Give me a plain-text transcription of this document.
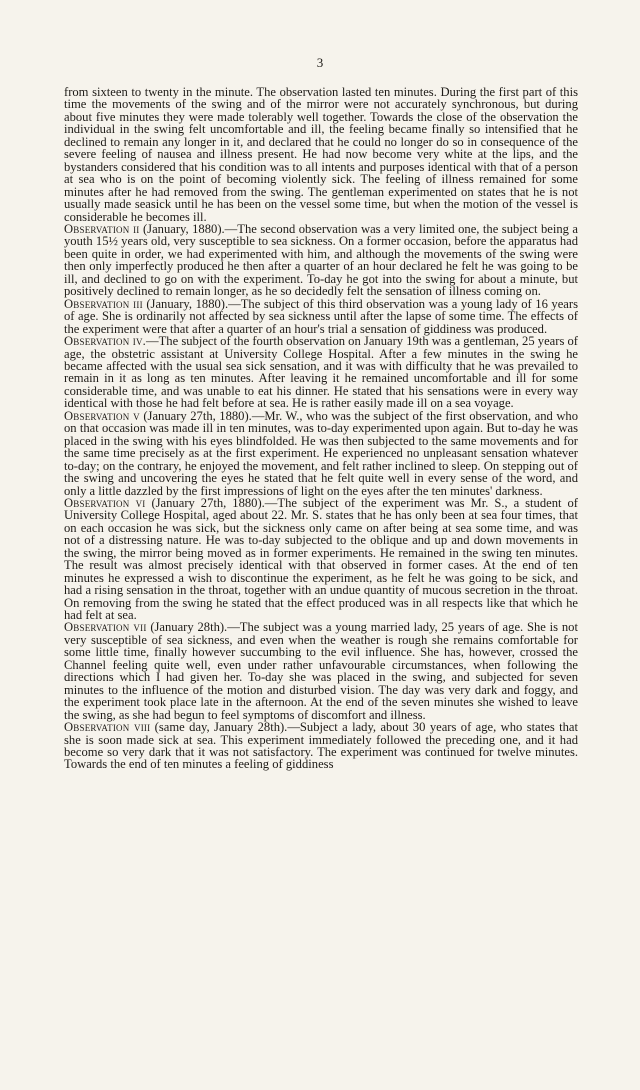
3

from sixteen to twenty in the minute. The observation lasted ten minutes. During the first part of this time the movements of the swing and of the mirror were not accurately synchronous, but during about five minutes they were made tolerably well together. Towards the close of the observation the individual in the swing felt uncomfortable and ill, the feeling became finally so intensified that he declined to remain any longer in it, and declared that he could no longer do so in consequence of the severe feeling of nausea and illness present. He had now become very white at the lips, and the bystanders considered that his condition was to all intents and purposes identical with that of a person at sea who is on the point of becoming violently sick. The feeling of illness remained for some minutes after he had removed from the swing. The gentleman experimented on states that he is not usually made seasick until he has been on the vessel some time, but when the motion of the vessel is considerable he becomes ill.

Observation ii (January, 1880).—The second observation was a very limited one, the subject being a youth 15½ years old, very susceptible to sea sickness. On a former occasion, before the apparatus had been quite in order, we had experimented with him, and although the movements of the swing were then only imperfectly produced he then after a quarter of an hour declared he felt he was going to be ill, and declined to go on with the experiment. To-day he got into the swing for about a minute, but positively declined to remain longer, as he so decidedly felt the sensation of illness coming on.

Observation iii (January, 1880).—The subject of this third observation was a young lady of 16 years of age. She is ordinarily not affected by sea sickness until after the lapse of some time. The effects of the experiment were that after a quarter of an hour's trial a sensation of giddiness was produced.

Observation iv.—The subject of the fourth observation on January 19th was a gentleman, 25 years of age, the obstetric assistant at University College Hospital. After a few minutes in the swing he became affected with the usual sea sick sensation, and it was with difficulty that he was prevailed to remain in it as long as ten minutes. After leaving it he remained uncomfortable and ill for some considerable time, and was unable to eat his dinner. He stated that his sensations were in every way identical with those he had felt before at sea. He is rather easily made ill on a sea voyage.

Observation v (January 27th, 1880).—Mr. W., who was the subject of the first observation, and who on that occasion was made ill in ten minutes, was to-day experimented upon again. But to-day he was placed in the swing with his eyes blindfolded. He was then subjected to the same movements and for the same time precisely as at the first experiment. He experienced no unpleasant sensation whatever to-day; on the contrary, he enjoyed the movement, and felt rather inclined to sleep. On stepping out of the swing and uncovering the eyes he stated that he felt quite well in every sense of the word, and only a little dazzled by the first impressions of light on the eyes after the ten minutes' darkness.

Observation vi (January 27th, 1880).—The subject of the experiment was Mr. S., a student of University College Hospital, aged about 22. Mr. S. states that he has only been at sea four times, that on each occasion he was sick, but the sickness only came on after being at sea some time, and was not of a distressing nature. He was to-day subjected to the oblique and up and down movements in the swing, the mirror being moved as in former experiments. He remained in the swing ten minutes. The result was almost precisely identical with that observed in former cases. At the end of ten minutes he expressed a wish to discontinue the experiment, as he felt he was going to be sick, and had a rising sensation in the throat, together with an undue quantity of mucous secretion in the throat. On removing from the swing he stated that the effect produced was in all respects like that which he had felt at sea.

Observation vii (January 28th).—The subject was a young married lady, 25 years of age. She is not very susceptible of sea sickness, and even when the weather is rough she remains comfortable for some little time, finally however succumbing to the evil influence. She has, however, crossed the Channel feeling quite well, even under rather unfavourable circumstances, when following the directions which I had given her. To-day she was placed in the swing, and subjected for seven minutes to the influence of the motion and disturbed vision. The day was very dark and foggy, and the experiment took place late in the afternoon. At the end of the seven minutes she wished to leave the swing, as she had begun to feel symptoms of discomfort and illness.

Observation viii (same day, January 28th).—Subject a lady, about 30 years of age, who states that she is soon made sick at sea. This experiment immediately followed the preceding one, and it had become so very dark that it was not satisfactory. The experiment was continued for twelve minutes. Towards the end of ten minutes a feeling of giddiness
